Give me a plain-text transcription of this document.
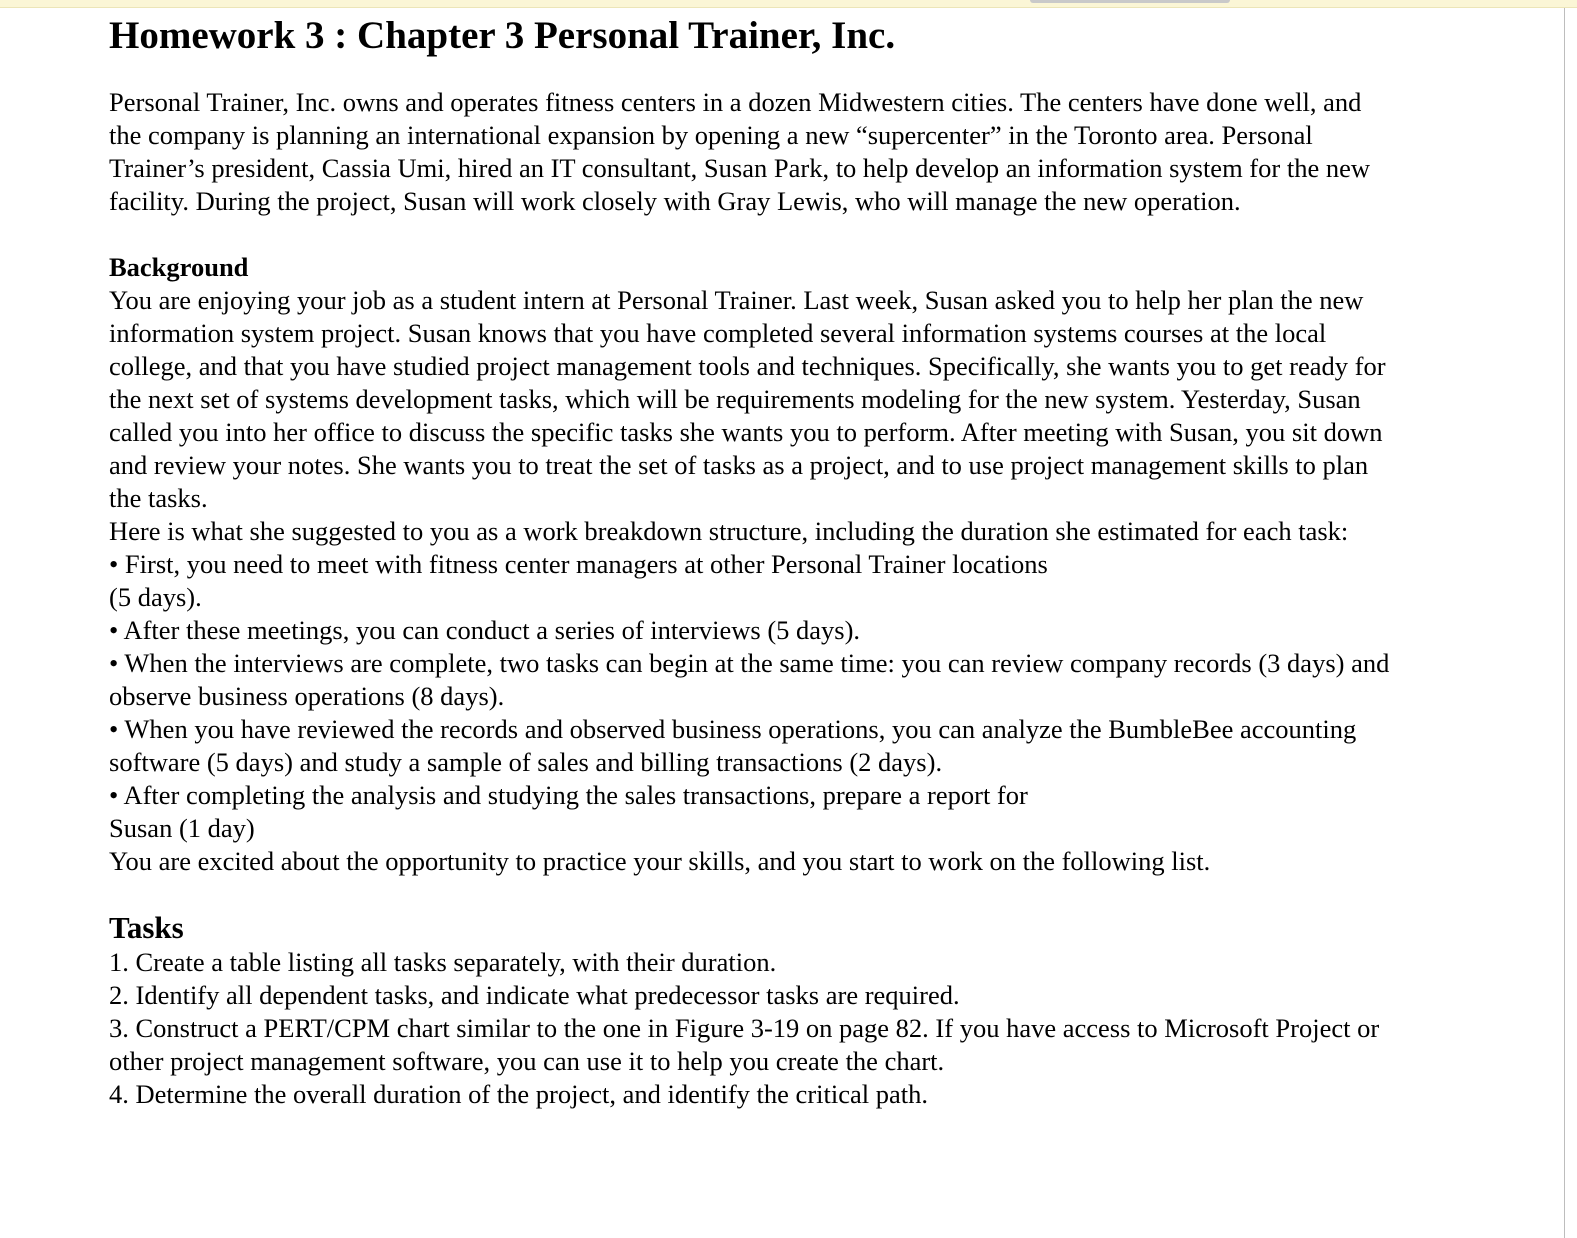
Homework 3 : Chapter 3 Personal Trainer, Inc.

Personal Trainer, Inc. owns and operates fitness centers in a dozen Midwestern cities. The centers have done well, and the company is planning an international expansion by opening a new “supercenter” in the Toronto area. Personal Trainer’s president, Cassia Umi, hired an IT consultant, Susan Park, to help develop an information system for the new facility. During the project, Susan will work closely with Gray Lewis, who will manage the new operation.

Background

You are enjoying your job as a student intern at Personal Trainer. Last week, Susan asked you to help her plan the new information system project. Susan knows that you have completed several information systems courses at the local college, and that you have studied project management tools and techniques. Specifically, she wants you to get ready for the next set of systems development tasks, which will be requirements modeling for the new system. Yesterday, Susan called you into her office to discuss the specific tasks she wants you to perform. After meeting with Susan, you sit down and review your notes. She wants you to treat the set of tasks as a project, and to use project management skills to plan the tasks.

Here is what she suggested to you as a work breakdown structure, including the duration she estimated for each task:

• First, you need to meet with fitness center managers at other Personal Trainer locations
(5 days).
• After these meetings, you can conduct a series of interviews (5 days).
• When the interviews are complete, two tasks can begin at the same time: you can review company records (3 days) and observe business operations (8 days).
• When you have reviewed the records and observed business operations, you can analyze the BumbleBee accounting software (5 days) and study a sample of sales and billing transactions (2 days).
• After completing the analysis and studying the sales transactions, prepare a report for
Susan (1 day)

You are excited about the opportunity to practice your skills, and you start to work on the following list.

Tasks
1. Create a table listing all tasks separately, with their duration.
2. Identify all dependent tasks, and indicate what predecessor tasks are required.
3. Construct a PERT/CPM chart similar to the one in Figure 3-19 on page 82. If you have access to Microsoft Project or other project management software, you can use it to help you create the chart.
4. Determine the overall duration of the project, and identify the critical path.
